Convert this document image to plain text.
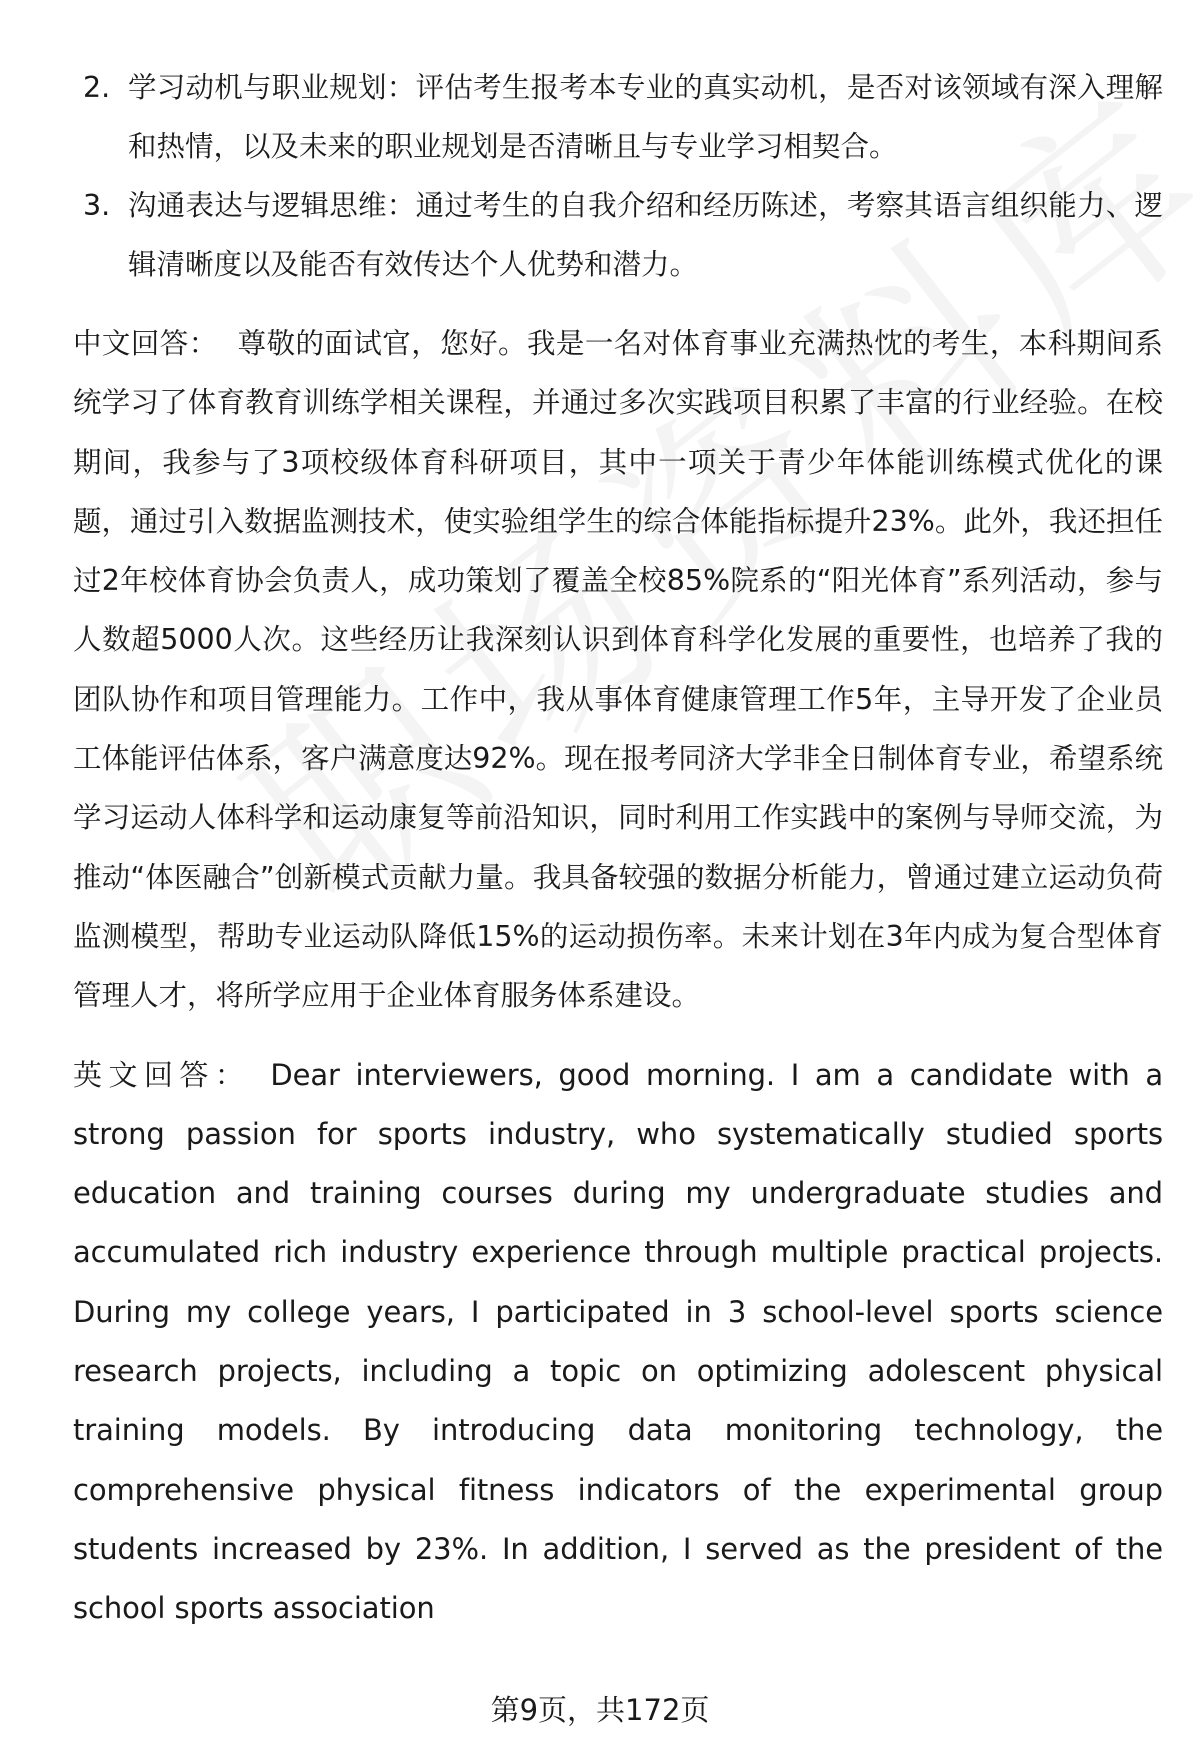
2. 学习动机与职业规划：评估考生报考本专业的真实动机，是否对该领域有深入理解和热情，以及未来的职业规划是否清晰且与专业学习相契合。
3. 沟通表达与逻辑思维：通过考生的自我介绍和经历陈述，考察其语言组织能力、逻辑清晰度以及能否有效传达个人优势和潜力。

中文回答： 尊敬的面试官，您好。我是一名对体育事业充满热忱的考生，本科期间系统学习了体育教育训练学相关课程，并通过多次实践项目积累了丰富的行业经验。在校期间，我参与了3项校级体育科研项目，其中一项关于青少年体能训练模式优化的课题，通过引入数据监测技术，使实验组学生的综合体能指标提升23%。此外，我还担任过2年校体育协会负责人，成功策划了覆盖全校85%院系的“阳光体育”系列活动，参与人数超5000人次。这些经历让我深刻认识到体育科学化发展的重要性，也培养了我的团队协作和项目管理能力。工作中，我从事体育健康管理工作5年，主导开发了企业员工体能评估体系，客户满意度达92%。现在报考同济大学非全日制体育专业，希望系统学习运动人体科学和运动康复等前沿知识，同时利用工作实践中的案例与导师交流，为推动“体医融合”创新模式贡献力量。我具备较强的数据分析能力，曾通过建立运动负荷监测模型，帮助专业运动队降低15%的运动损伤率。未来计划在3年内成为复合型体育管理人才，将所学应用于企业体育服务体系建设。

英文回答： Dear interviewers, good morning. I am a candidate with a strong passion for sports industry, who systematically studied sports education and training courses during my undergraduate studies and accumulated rich industry experience through multiple practical projects. During my college years, I participated in 3 school-level sports science research projects, including a topic on optimizing adolescent physical training models. By introducing data monitoring technology, the comprehensive physical fitness indicators of the experimental group students increased by 23%. In addition, I served as the president of the school sports association

第9页，共172页
